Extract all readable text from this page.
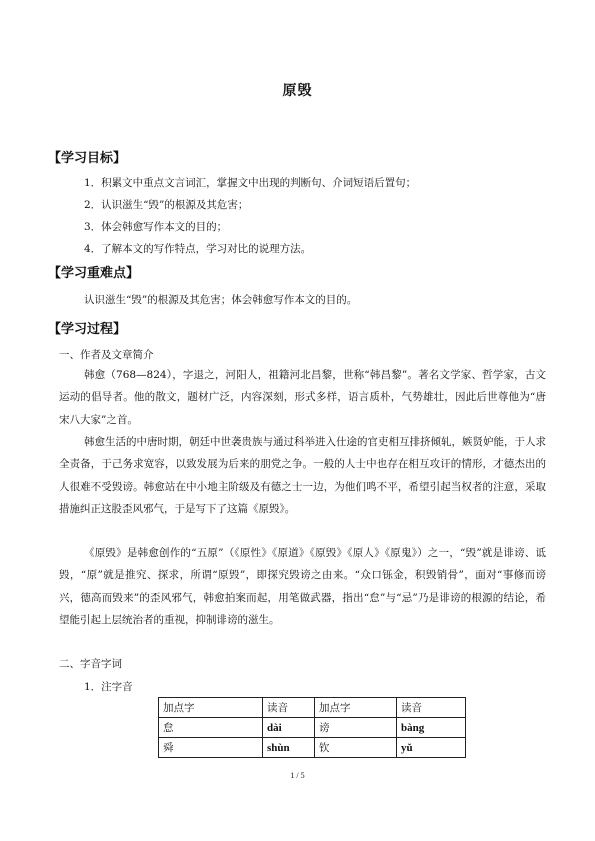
原毁
【学习目标】
1．积累文中重点文言词汇，掌握文中出现的判断句、介词短语后置句；
2．认识滋生“毁”的根源及其危害；
3．体会韩愈写作本文的目的；
4．了解本文的写作特点，学习对比的说理方法。
【学习重难点】
认识滋生“毁”的根源及其危害；体会韩愈写作本文的目的。
【学习过程】
一、作者及文章简介
韩愈（768—824），字退之，河阳人，祖籍河北昌黎，世称“韩昌黎”。著名文学家、哲学家，古文运动的倡导者。他的散文，题材广泛，内容深刻，形式多样，语言质朴，气势雄壮，因此后世尊他为“唐宋八大家”之首。
韩愈生活的中唐时期，朝廷中世袭贵族与通过科举进入仕途的官吏相互排挤倾轧，嫉贤妒能，于人求全责备，于己务求宽容，以致发展为后来的朋党之争。一般的人士中也存在相互攻讦的情形，才德杰出的人很难不受毁谤。韩愈站在中小地主阶级及有德之士一边，为他们鸣不平，希望引起当权者的注意，采取措施纠正这股歪风邪气，于是写下了这篇《原毁》。
《原毁》是韩愈创作的“五原”（《原性》《原道》《原毁》《原人》《原鬼》）之一，“毁”就是诽谤、诋毁，“原”就是推究、探求，所谓“原毁”，即探究毁谤之由来。“众口铄金，积毁销骨”，面对“事修而谤兴，德高而毁来”的歪风邪气，韩愈拍案而起，用笔做武器，指出“怠”与“忌”乃是诽谤的根源的结论，希望能引起上层统治者的重视，抑制诽谤的滋生。
二、字音字词
1．注字音
加点字	读音	加点字	读音
怠	dài	谤	bàng
舜	shùn	钦	yǔ
1 / 5
